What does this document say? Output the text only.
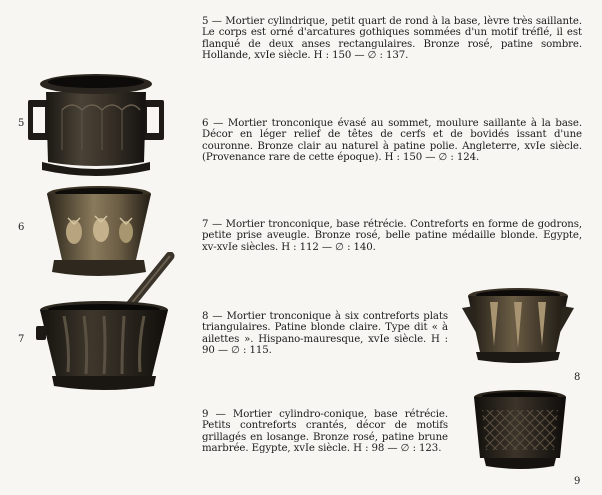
5 — Mortier cylindrique, petit quart de rond à la base, lèvre très saillante. Le corps est orné d'arcatures gothiques sommées d'un motif tréflé, il est flanqué de deux anses rectangulaires. Bronze rosé, patine sombre. Hollande, xvIe siècle. H : 150 — ∅ : 137.

6 — Mortier tronconique évasé au sommet, moulure saillante à la base. Décor en léger relief de têtes de cerfs et de bovidés issant d'une couronne. Bronze clair au naturel à patine polie. Angleterre, xvIe siècle. (Provenance rare de cette époque). H : 150 — ∅ : 124.

7 — Mortier tronconique, base rétrécie. Contreforts en forme de godrons, petite prise aveugle. Bronze rosé, belle patine médaille blonde. Egypte, xv-xvIe siècles. H : 112 — ∅ : 140.

8 — Mortier tronconique à six contreforts plats triangulaires. Patine blonde claire. Type dit « à ailettes ». Hispano-mauresque, xvIe siècle. H : 90 — ∅ : 115.

9 — Mortier cylindro-conique, base rétrécie. Petits contreforts crantés, décor de motifs grillagés en losange. Bronze rosé, patine brune marbrée. Egypte, xvIe siècle. H : 98 — ∅ : 123.

5
6
7
8
9
